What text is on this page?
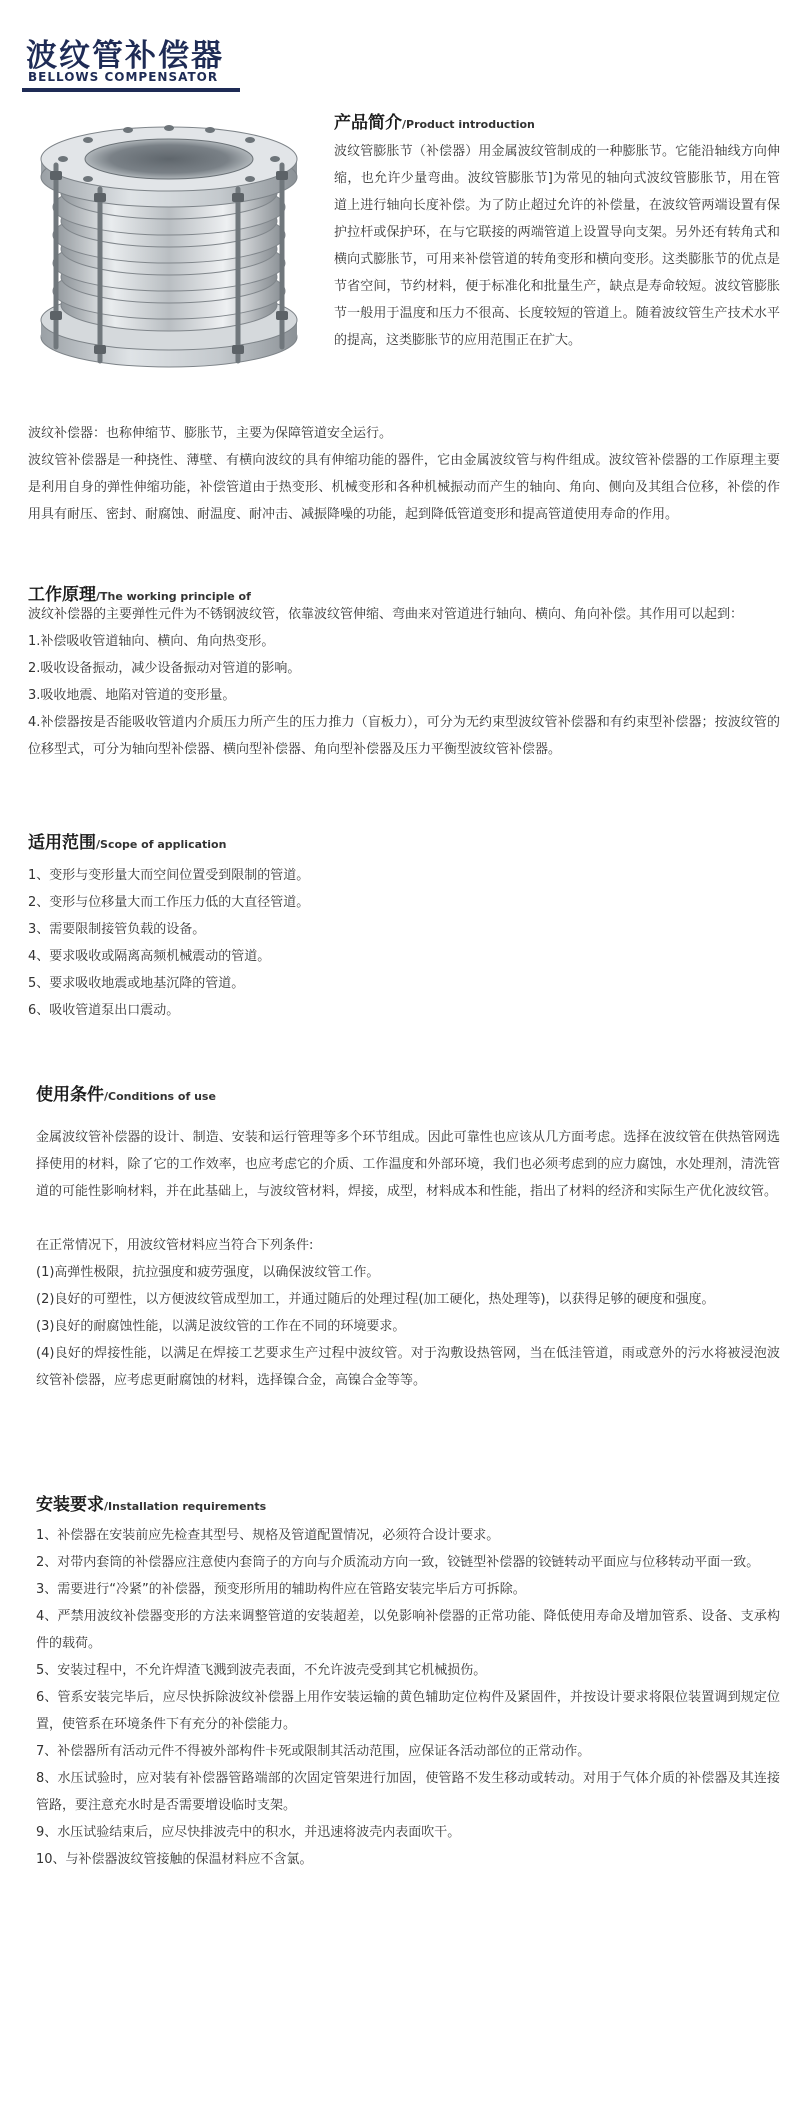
波纹管补偿器
BELLOWS COMPENSATOR
产品简介/Product introduction
波纹管膨胀节（补偿器）用金属波纹管制成的一种膨胀节。它能沿轴线方向伸缩，也允许少量弯曲。波纹管膨胀节]为常见的轴向式波纹管膨胀节，用在管道上进行轴向长度补偿。为了防止超过允许的补偿量，在波纹管两端设置有保护拉杆或保护环，在与它联接的两端管道上设置导向支架。另外还有转角式和横向式膨胀节，可用来补偿管道的转角变形和横向变形。这类膨胀节的优点是节省空间，节约材料，便于标准化和批量生产，缺点是寿命较短。波纹管膨胀节一般用于温度和压力不很高、长度较短的管道上。随着波纹管生产技术水平的提高，这类膨胀节的应用范围正在扩大。

波纹补偿器：也称伸缩节、膨胀节，主要为保障管道安全运行。

波纹管补偿器是一种挠性、薄壁、有横向波纹的具有伸缩功能的器件，它由金属波纹管与构件组成。波纹管补偿器的工作原理主要是利用自身的弹性伸缩功能，补偿管道由于热变形、机械变形和各种机械振动而产生的轴向、角向、侧向及其组合位移，补偿的作用具有耐压、密封、耐腐蚀、耐温度、耐冲击、减振降噪的功能，起到降低管道变形和提高管道使用寿命的作用。

工作原理/The working principle of

波纹补偿器的主要弹性元件为不锈钢波纹管，依靠波纹管伸缩、弯曲来对管道进行轴向、横向、角向补偿。其作用可以起到：

1.补偿吸收管道轴向、横向、角向热变形。
2.吸收设备振动，减少设备振动对管道的影响。
3.吸收地震、地陷对管道的变形量。
4.补偿器按是否能吸收管道内介质压力所产生的压力推力（盲板力），可分为无约束型波纹管补偿器和有约束型补偿器；按波纹管的位移型式，可分为轴向型补偿器、横向型补偿器、角向型补偿器及压力平衡型波纹管补偿器。
适用范围/Scope of application
1、变形与变形量大而空间位置受到限制的管道。
2、变形与位移量大而工作压力低的大直径管道。
3、需要限制接管负载的设备。
4、要求吸收或隔离高频机械震动的管道。
5、要求吸收地震或地基沉降的管道。
6、吸收管道泵出口震动。
使用条件/Conditions of use

金属波纹管补偿器的设计、制造、安装和运行管理等多个环节组成。因此可靠性也应该从几方面考虑。选择在波纹管在供热管网选择使用的材料，除了它的工作效率，也应考虑它的介质、工作温度和外部环境，我们也必须考虑到的应力腐蚀，水处理剂，清洗管道的可能性影响材料，并在此基础上，与波纹管材料，焊接，成型，材料成本和性能，指出了材料的经济和实际生产优化波纹管。

在正常情况下，用波纹管材料应当符合下列条件:

(1)高弹性极限，抗拉强度和疲劳强度，以确保波纹管工作。
(2)良好的可塑性，以方便波纹管成型加工，并通过随后的处理过程(加工硬化，热处理等)，以获得足够的硬度和强度。
(3)良好的耐腐蚀性能，以满足波纹管的工作在不同的环境要求。
(4)良好的焊接性能，以满足在焊接工艺要求生产过程中波纹管。对于沟敷设热管网，当在低洼管道，雨或意外的污水将被浸泡波纹管补偿器，应考虑更耐腐蚀的材料，选择镍合金，高镍合金等等。
安装要求/Installation requirements
1、补偿器在安装前应先检查其型号、规格及管道配置情况，必须符合设计要求。
2、对带内套筒的补偿器应注意使内套筒子的方向与介质流动方向一致，铰链型补偿器的铰链转动平面应与位移转动平面一致。
3、需要进行“冷紧”的补偿器，预变形所用的辅助构件应在管路安装完毕后方可拆除。
4、严禁用波纹补偿器变形的方法来调整管道的安装超差，以免影响补偿器的正常功能、降低使用寿命及增加管系、设备、支承构件的载荷。
5、安装过程中，不允许焊渣飞溅到波壳表面，不允许波壳受到其它机械损伤。
6、管系安装完毕后，应尽快拆除波纹补偿器上用作安装运输的黄色辅助定位构件及紧固件，并按设计要求将限位装置调到规定位置，使管系在环境条件下有充分的补偿能力。
7、补偿器所有活动元件不得被外部构件卡死或限制其活动范围，应保证各活动部位的正常动作。
8、水压试验时，应对装有补偿器管路端部的次固定管架进行加固，使管路不发生移动或转动。对用于气体介质的补偿器及其连接管路，要注意充水时是否需要增设临时支架。
9、水压试验结束后，应尽快排波壳中的积水，并迅速将波壳内表面吹干。
10、与补偿器波纹管接触的保温材料应不含氯。
